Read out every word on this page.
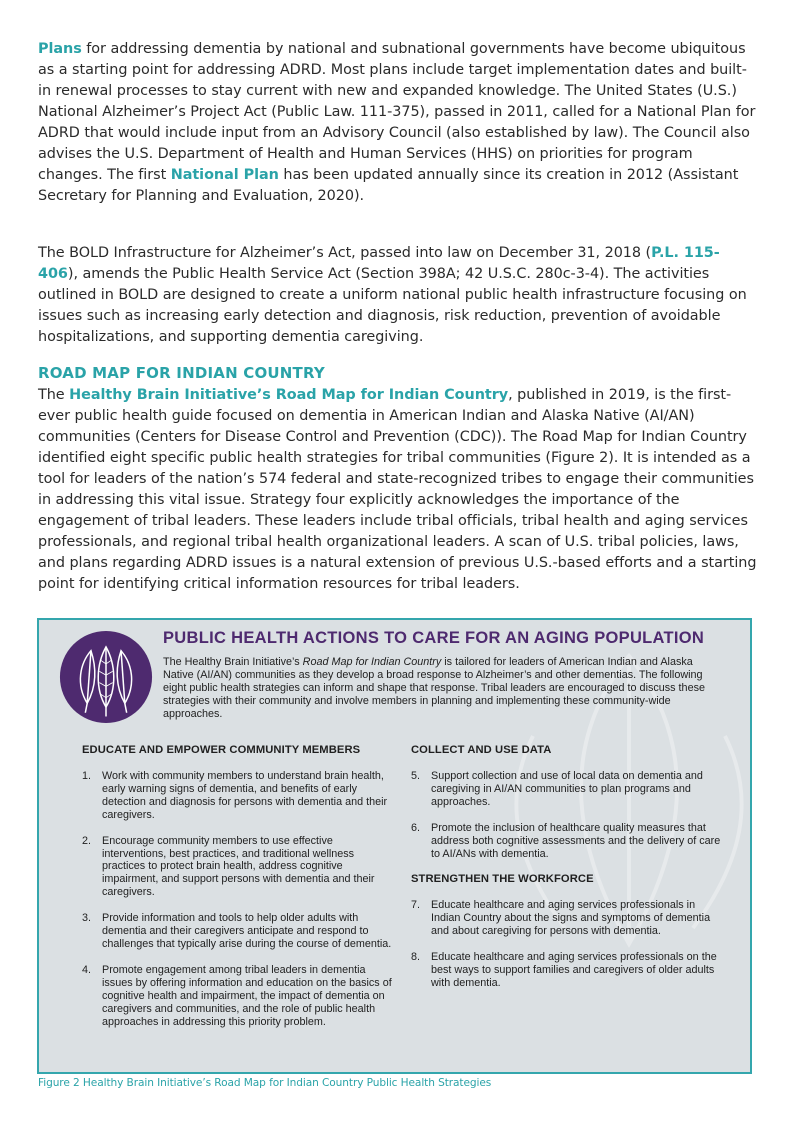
Plans for addressing dementia by national and subnational governments have become ubiquitous as a starting point for addressing ADRD. Most plans include target implementation dates and built-in renewal processes to stay current with new and expanded knowledge. The United States (U.S.) National Alzheimer’s Project Act (Public Law. 111-375), passed in 2011, called for a National Plan for ADRD that would include input from an Advisory Council (also established by law). The Council also advises the U.S. Department of Health and Human Services (HHS) on priorities for program changes. The first National Plan has been updated annually since its creation in 2012 (Assistant Secretary for Planning and Evaluation, 2020).

The BOLD Infrastructure for Alzheimer’s Act, passed into law on December 31, 2018 (P.L. 115-406), amends the Public Health Service Act (Section 398A; 42 U.S.C. 280c-3-4). The activities outlined in BOLD are designed to create a uniform national public health infrastructure focusing on issues such as increasing early detection and diagnosis, risk reduction, prevention of avoidable hospitalizations, and supporting dementia caregiving.

ROAD MAP FOR INDIAN COUNTRY

The Healthy Brain Initiative’s Road Map for Indian Country, published in 2019, is the first-ever public health guide focused on dementia in American Indian and Alaska Native (AI/AN) communities (Centers for Disease Control and Prevention (CDC)). The Road Map for Indian Country identified eight specific public health strategies for tribal communities (Figure 2). It is intended as a tool for leaders of the nation’s 574 federal and state-recognized tribes to engage their communities in addressing this vital issue. Strategy four explicitly acknowledges the importance of the engagement of tribal leaders. These leaders include tribal officials, tribal health and aging services professionals, and regional tribal health organizational leaders. A scan of U.S. tribal policies, laws, and plans regarding ADRD issues is a natural extension of previous U.S.-based efforts and a starting point for identifying critical information resources for tribal leaders.

PUBLIC HEALTH ACTIONS TO CARE FOR AN AGING POPULATION

The Healthy Brain Initiative’s Road Map for Indian Country is tailored for leaders of American Indian and Alaska Native (AI/AN) communities as they develop a broad response to Alzheimer’s and other dementias. The following eight public health strategies can inform and shape that response. Tribal leaders are encouraged to discuss these strategies with their community and involve members in planning and implementing these community-wide approaches.

EDUCATE AND EMPOWER COMMUNITY MEMBERS
1. Work with community members to understand brain health, early warning signs of dementia, and benefits of early detection and diagnosis for persons with dementia and their caregivers.
2. Encourage community members to use effective interventions, best practices, and traditional wellness practices to protect brain health, address cognitive impairment, and support persons with dementia and their caregivers.
3. Provide information and tools to help older adults with dementia and their caregivers anticipate and respond to challenges that typically arise during the course of dementia.
4. Promote engagement among tribal leaders in dementia issues by offering information and education on the basics of cognitive health and impairment, the impact of dementia on caregivers and communities, and the role of public health approaches in addressing this priority problem.
COLLECT AND USE DATA
5. Support collection and use of local data on dementia and caregiving in AI/AN communities to plan programs and approaches.
6. Promote the inclusion of healthcare quality measures that address both cognitive assessments and the delivery of care to AI/ANs with dementia.
STRENGTHEN THE WORKFORCE
7. Educate healthcare and aging services professionals in Indian Country about the signs and symptoms of dementia and about caregiving for persons with dementia.
8. Educate healthcare and aging services professionals on the best ways to support families and caregivers of older adults with dementia.

Figure 2 Healthy Brain Initiative’s Road Map for Indian Country Public Health Strategies
